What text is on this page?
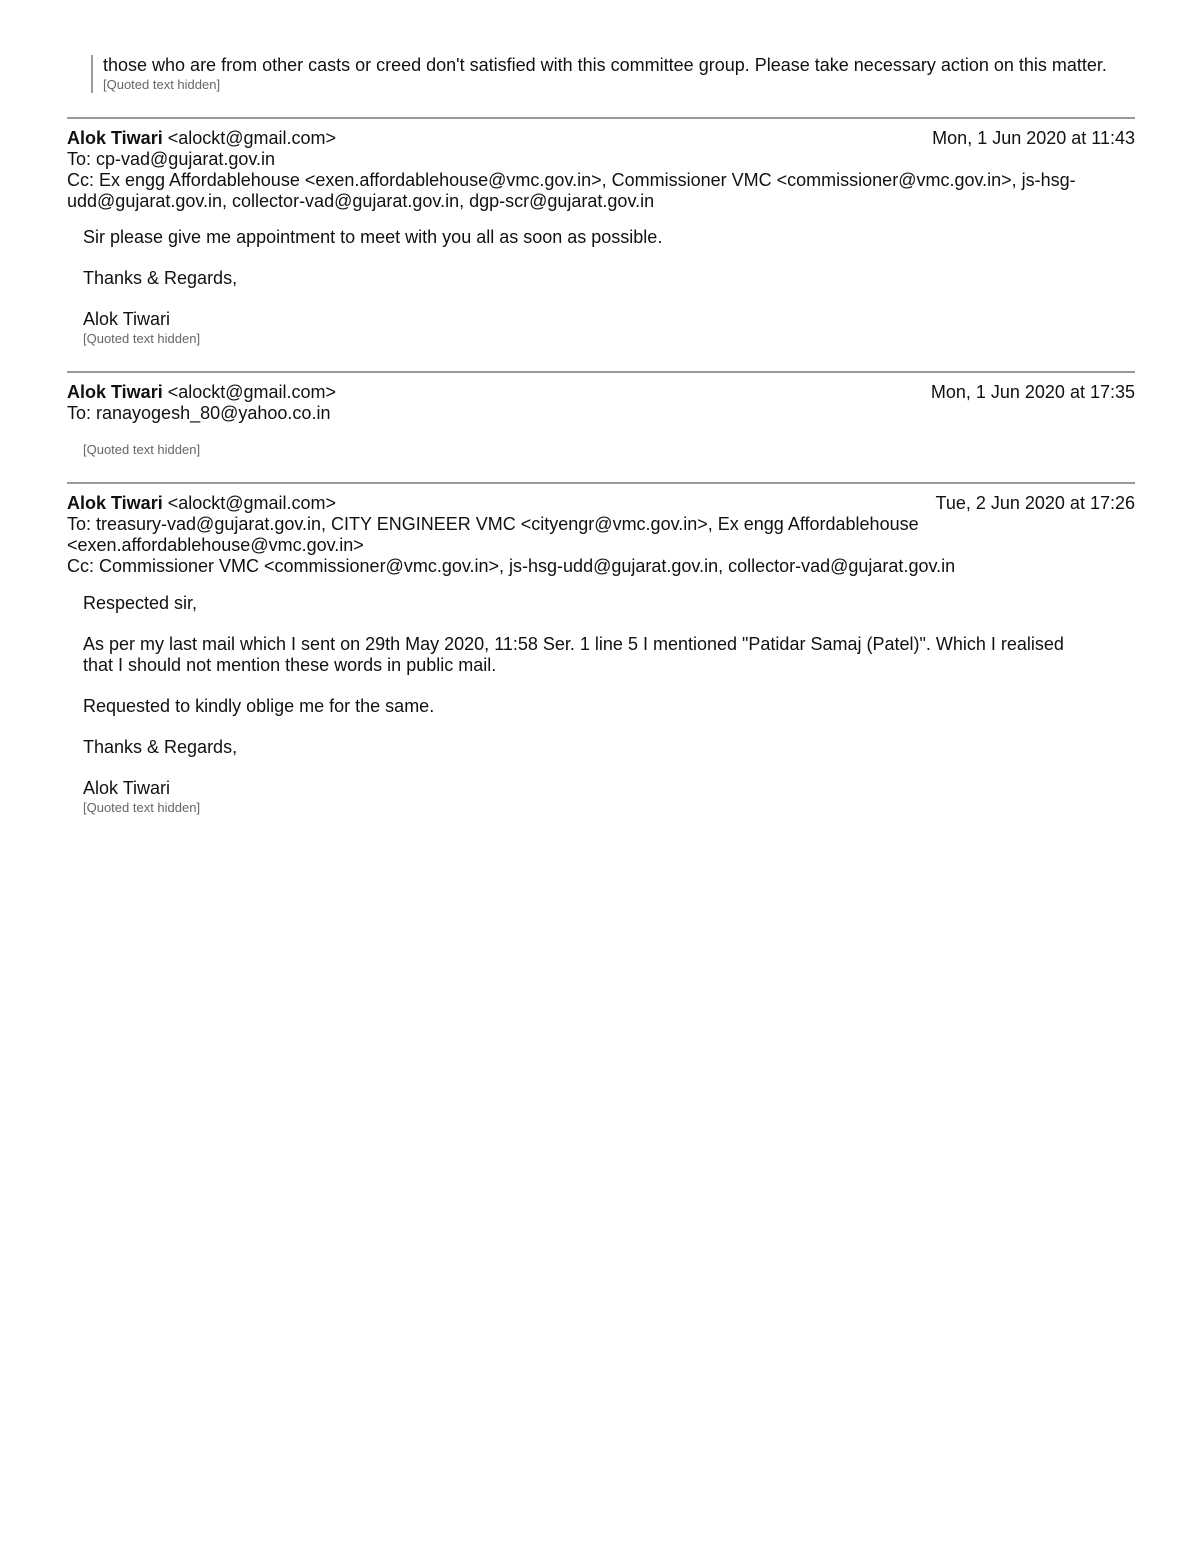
those who are from other casts or creed don't satisfied with this committee group. Please take necessary action on this matter.

[Quoted text hidden]
Alok Tiwari <alockt@gmail.com>	Mon, 1 Jun 2020 at 11:43
To: cp-vad@gujarat.gov.in
Cc: Ex engg Affordablehouse <exen.affordablehouse@vmc.gov.in>, Commissioner VMC <commissioner@vmc.gov.in>, js-hsg-udd@gujarat.gov.in, collector-vad@gujarat.gov.in, dgp-scr@gujarat.gov.in

Sir please give me appointment to meet with you all as soon as possible.

Thanks & Regards,

Alok Tiwari

[Quoted text hidden]
Alok Tiwari <alockt@gmail.com>	Mon, 1 Jun 2020 at 17:35
To: ranayogesh_80@yahoo.co.in
[Quoted text hidden]
Alok Tiwari <alockt@gmail.com>	Tue, 2 Jun 2020 at 17:26
To: treasury-vad@gujarat.gov.in, CITY ENGINEER VMC <cityengr@vmc.gov.in>, Ex engg Affordablehouse <exen.affordablehouse@vmc.gov.in>
Cc: Commissioner VMC <commissioner@vmc.gov.in>, js-hsg-udd@gujarat.gov.in, collector-vad@gujarat.gov.in

Respected sir,

As per my last mail which I sent on 29th May 2020, 11:58 Ser. 1 line 5 I mentioned "Patidar Samaj (Patel)". Which I realised that I should not mention these words in public mail.

Requested to kindly oblige me for the same.

Thanks & Regards,

Alok Tiwari

[Quoted text hidden]
